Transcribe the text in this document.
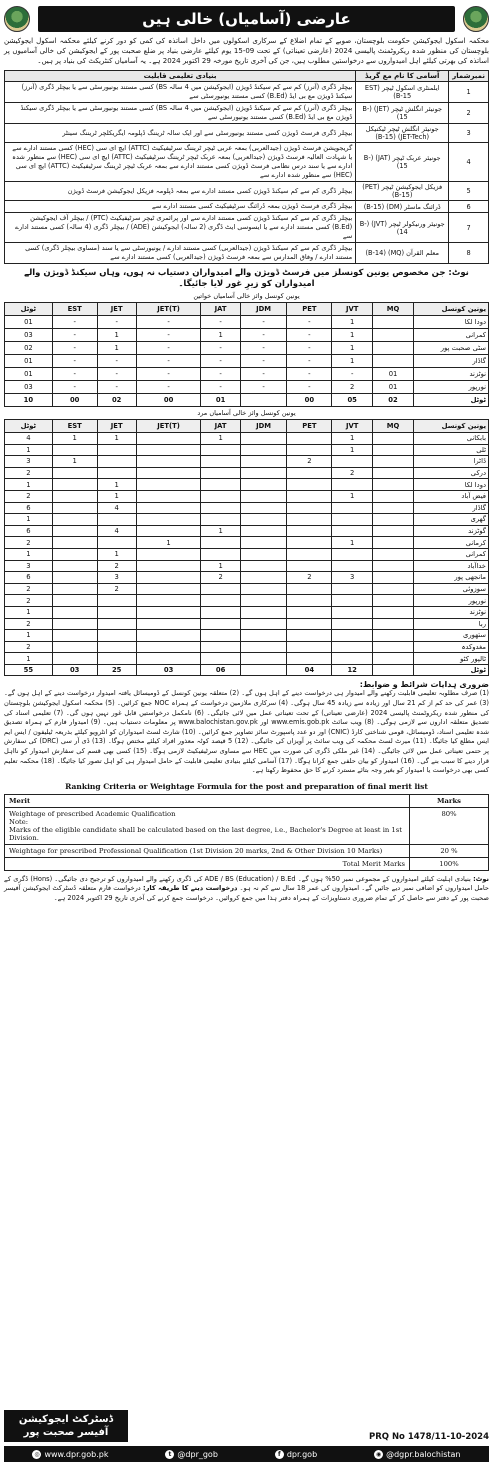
عارضی (آسامیاں) خالی ہیں
محکمہ اسکول ایجوکیشن حکومت بلوچستان، صوبے کے تمام اضلاع کے سرکاری اسکولوں میں داخل اساتذہ کی کمی کو دور کرنے کیلئے محکمہ اسکول ایجوکیشن بلوچستان کی منظور شدہ ریکروٹمنٹ پالیسی 2024 (عارضی تعیناتی) کے تحت 09-15 یوم کیلئے عارضی بنیاد پر ضلع صحبت پور کے ایجوکیشن کی خالی آسامیوں پر اساتذہ کی بھرتی کیلئے اہل امیدواروں سے درخواستیں مطلوب ہیں، جن کی آخری تاریخ مورخہ 29 اکتوبر 2024 ہے۔ یہ آسامیاں کنٹریکٹ کی بنیاد پر ہیں۔
نمبرشمار	آسامی کا نام مع گریڈ	بنیادی تعلیمی قابلیت
1	ایلمنٹری اسکول ٹیچر (EST (B-15	بیچلر ڈگری (آنرز) کم سے کم سیکنڈ ڈویژن (ایجوکیشن میں 4 سالہ BS) کسی مستند یونیورسٹی سے یا بیچلر ڈگری (آنرز) سیکنڈ ڈویژن مع بی ایڈ (B.Ed) کسی مستند یونیورسٹی سے
2	جونیئر انگلش ٹیچر (JET) (B-15)	بیچلر ڈگری (آنرز) کم سے کم سیکنڈ ڈویژن (ایجوکیشن میں 4 سالہ BS) کسی مستند یونیورسٹی سے یا بیچلر ڈگری سیکنڈ ڈویژن مع بی ایڈ (B.Ed) کسی مستند یونیورسٹی سے
3	جونیئر انگلش ٹیچر ٹیکنیکل (JET-Tech) (B-15)	بیچلر ڈگری فرسٹ ڈویژن کسی مستند یونیورسٹی سے اور ایک سالہ ٹریننگ ڈپلومہ ایگریکلچر ٹریننگ سینٹر
4	جونیئر عربک ٹیچر (JAT) (B-15)	گریجویشن فرسٹ ڈویژن (جیدالعربی) بمعہ عربی ٹیچر ٹریننگ سرٹیفیکیٹ (ATTC) ایچ ای سی (HEC) کسی مستند ادارے سے یا شہادت العالیہ فرسٹ ڈویژن (جیدالعربی) بمعہ عربک ٹیچر ٹریننگ سرٹیفیکیٹ (ATTC) ایچ ای سی (HEC) سے منظور شدہ ادارے سے یا سند درس نظامی فرسٹ ڈویژن کسی مستند ادارے سے بمعہ عربک ٹیچر ٹریننگ سرٹیفیکیٹ (ATTC) ایچ ای سی (HEC) سے منظور شدہ ادارے سے
5	فزیکل ایجوکیشن ٹیچر (PET) (B-15)	بیچلر ڈگری کم سے کم سیکنڈ ڈویژن کسی مستند ادارے سے بمعہ ڈپلومہ فزیکل ایجوکیشن فرسٹ ڈویژن
6	ڈرائنگ ماسٹر (DM) (B-15)	بیچلر ڈگری فرسٹ ڈویژن بمعہ ڈرائنگ سرٹیفیکیٹ کسی مستند ادارے سے
7	جونیئر ورنیکولر ٹیچر (JVT) (B-14)	بیچلر ڈگری کم سے کم سیکنڈ ڈویژن کسی مستند ادارے سے اور پرائمری ٹیچر سرٹیفیکیٹ (PTC) / بیچلر آف ایجوکیشن (B.Ed) کسی مستند ادارے سے یا ایسوسی ایٹ ڈگری (2 سالہ) ایجوکیشن (ADE) / بیچلر ڈگری (4 سالہ) کسی مستند ادارے سے
8	معلم القرآن (MQ) (B-14)	بیچلر ڈگری کم سے کم سیکنڈ ڈویژن (جیدالعربی) کسی مستند ادارے / یونیورسٹی سے یا سند (مساوی بیچلر ڈگری) کسی مستند ادارے / وفاق المدارس سے بمعہ فرسٹ ڈویژن (جیدالعربی) کسی مستند ادارے سے
نوٹ: جن مخصوص یونین کونسلز میں فرسٹ ڈویژن والے امیدواران دستیاب نہ ہوں، وہاں سیکنڈ ڈویژن والے امیدواران کو زیرِ غور لایا جائیگا۔
یونین کونسل وائز خالی آسامیاں خواتین
یونین کونسل	MQ	JVT	PET	JDM	JAT	JET(T)	JET	EST	ٹوٹل
دودا لکا		1	-	-	-	-	-	-	01
کمرانی		1	-	-	1	-	1	-	03
سٹی صحبت پور		1	-	-	-	-	1	-	02
گاڈار		1	-	-	-	-	-	-	01
نوٹزند	01	-	-	-	-	-	-	-	01
نورپور	01	2	-	-	-	-	-	-	03
ٹوٹل	02	05	00		01	00	02	00	10
یونین کونسل وائز خالی آسامیاں مرد
یونین کونسل	MQ	JVT	PET	JDM	JAT	JET(T)	JET	EST	ٹوٹل
بابکانی		1			1		1	1	4
ٹلی		1							1
ڈاٹرا			2					1	3
درکی		2							2
دودا لکا							1		1
فیض آباد		1					1		2
گاڈار							4		6
گھری									1
گوٹزند					1		4		6
کرمانی		1				1			2
کمرانی							1		1
خداآباد					1		2		3
مانجھی پور		3	2		2		3		6
سوزوئی							2		2
نورپور									2
نوٹزند									1
ربا									2
ستھوری									1
مغدوکدہ									2
ٹالپور کٹو									1
ٹوٹل		12	04		06	03	25	03	55
ضروری ہدایات شرائط و ضوابط:
(1) صرف مطلوبہ تعلیمی قابلیت رکھنے والے امیدوار ہی درخواست دینے کے اہل ہوں گے۔ (2) متعلقہ یونین کونسل کے ڈومیسائل یافتہ امیدوار درخواست دینے کے اہل ہوں گے۔ (3) عمر کی حد کم از کم 21 سال اور زیادہ سے زیادہ 45 سال ہوگی۔ (4) سرکاری ملازمین درخواست کے ہمراہ NOC جمع کرائیں۔ (5) محکمہ اسکول ایجوکیشن بلوچستان کی منظور شدہ ریکروٹمنٹ پالیسی 2024 (عارضی تعیناتی) کے تحت تعیناتی عمل میں لائی جائیگی۔ (6) نامکمل درخواستیں قابل غور نہیں ہوں گی۔ (7) تعلیمی اسناد کی تصدیق متعلقہ اداروں سے لازمی ہوگی۔ (8) ویب سائٹ www.emis.gob.pk اور www.balochistan.gov.pk پر معلومات دستیاب ہیں۔ (9) امیدوار فارم کے ہمراہ تصدیق شدہ تعلیمی اسناد، ڈومیسائل، قومی شناختی کارڈ (CNIC) اور دو عدد پاسپورٹ سائز تصاویر جمع کرائیں۔ (10) شارٹ لسٹ امیدواران کو انٹرویو کیلئے بذریعہ ٹیلیفون / ایس ایم ایس مطلع کیا جائیگا۔ (11) میرٹ لسٹ محکمہ کی ویب سائٹ پر آویزاں کی جائیگی۔ (12) 5 فیصد کوٹہ معذور افراد کیلئے مختص ہوگا۔ (13) ڈی آر سی (DRC) کی سفارش پر حتمی تعیناتی عمل میں لائی جائیگی۔ (14) غیر ملکی ڈگری کی صورت میں HEC سے مساوی سرٹیفیکیٹ لازمی ہوگا۔ (15) کسی بھی قسم کی سفارش امیدوار کو نااہل قرار دینے کا سبب بنے گی۔ (16) امیدوار کو بیان حلفی جمع کرانا ہوگا۔ (17) آسامی کیلئے بنیادی تعلیمی قابلیت کے حامل امیدوار ہی کو اہل تصور کیا جائیگا۔ (18) محکمہ تعلیم کسی بھی درخواست یا امیدوار کو بغیر وجہ بتائے مسترد کرنے کا حق محفوظ رکھتا ہے۔
Ranking Criteria or Weightage Formula for the post and preparation of final merit list
Merit	Marks

Weightage of prescribed Academic Qualification
Note:
Marks of the eligible candidate shall be calculated based on the last degree, i.e., Bachelor's Degree at least in 1st Division.	80%
Weightage for prescribed Professional Qualification (1st Division 20 marks, 2nd & Other Division 10 Marks)	20 %
Total Merit Marks	100%
نوٹ: بنیادی اہلیت کیلئے امیدواروں کے مجموعی نمبر 50% ہوں گے۔ ADE / BS (Education) / B.Ed کی ڈگری رکھنے والے امیدواروں کو ترجیح دی جائیگی۔ (Hons) ڈگری کے حامل امیدواروں کو اضافی نمبر دیے جائیں گے۔ امیدواروں کی عمر 18 سال سے کم نہ ہو۔ درخواست دینے کا طریقہ کار: درخواست فارم متعلقہ ڈسٹرکٹ ایجوکیشن آفیسر صحبت پور کے دفتر سے حاصل کر کے تمام ضروری دستاویزات کے ہمراہ دفتر ہذا میں جمع کروائیں۔ درخواست جمع کرنے کی آخری تاریخ 29 اکتوبر 2024 ہے۔
ڈسٹرکٹ ایجوکیشن
آفیسر صحبت پور	PRQ No 1478/11-10-2024
◎ www.dpr.gob.pk	t @dpr_gob	f dpr.gob	◉ @dgpr.balochistan
